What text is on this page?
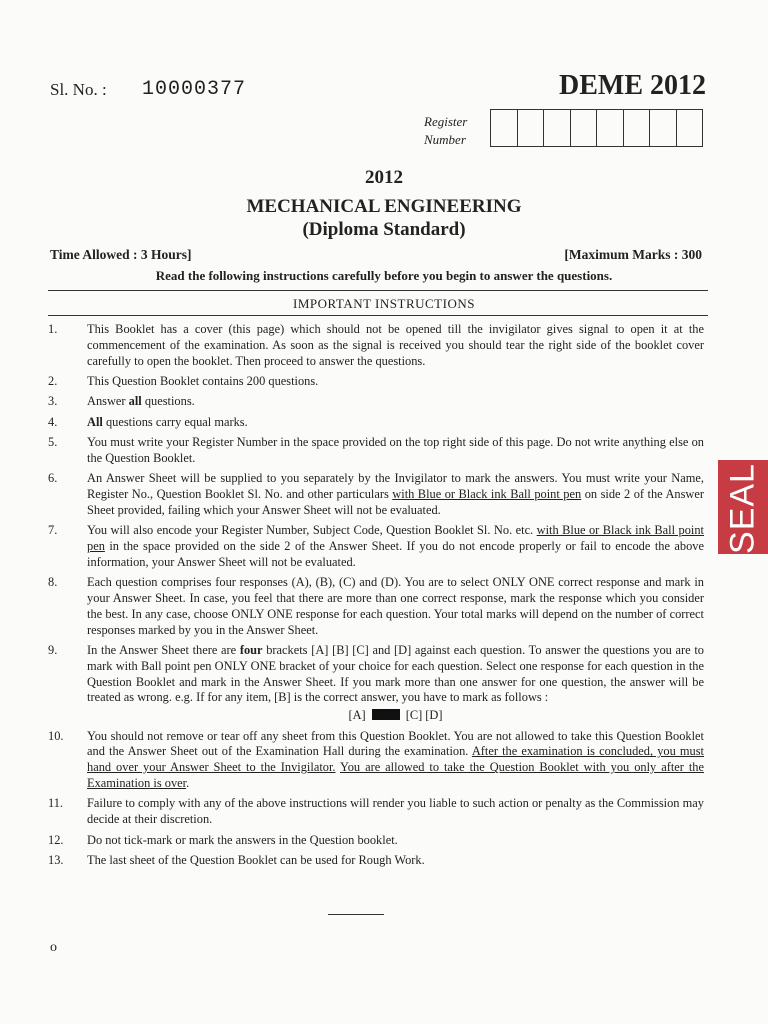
Sl. No. : 10000377	DEME 2012
Register
Number
2012
MECHANICAL ENGINEERING
(Diploma Standard)
Time Allowed : 3 Hours]	[Maximum Marks : 300
Read the following instructions carefully before you begin to answer the questions.
IMPORTANT INSTRUCTIONS
1. This Booklet has a cover (this page) which should not be opened till the invigilator gives signal to open it at the commencement of the examination. As soon as the signal is received you should tear the right side of the booklet cover carefully to open the booklet. Then proceed to answer the questions.
2. This Question Booklet contains 200 questions.
3. Answer all questions.
4. All questions carry equal marks.
5. You must write your Register Number in the space provided on the top right side of this page. Do not write anything else on the Question Booklet.
6. An Answer Sheet will be supplied to you separately by the Invigilator to mark the answers. You must write your Name, Register No., Question Booklet Sl. No. and other particulars with Blue or Black ink Ball point pen on side 2 of the Answer Sheet provided, failing which your Answer Sheet will not be evaluated.
7. You will also encode your Register Number, Subject Code, Question Booklet Sl. No. etc. with Blue or Black ink Ball point pen in the space provided on the side 2 of the Answer Sheet. If you do not encode properly or fail to encode the above information, your Answer Sheet will not be evaluated.
8. Each question comprises four responses (A), (B), (C) and (D). You are to select ONLY ONE correct response and mark in your Answer Sheet. In case, you feel that there are more than one correct response, mark the response which you consider the best. In any case, choose ONLY ONE response for each question. Your total marks will depend on the number of correct responses marked by you in the Answer Sheet.
9. In the Answer Sheet there are four brackets [A] [B] [C] and [D] against each question. To answer the questions you are to mark with Ball point pen ONLY ONE bracket of your choice for each question. Select one response for each question in the Question Booklet and mark in the Answer Sheet. If you mark more than one answer for one question, the answer will be treated as wrong. e.g. If for any item, [B] is the correct answer, you have to mark as follows :
[A]	[C] [D]
10. You should not remove or tear off any sheet from this Question Booklet. You are not allowed to take this Question Booklet and the Answer Sheet out of the Examination Hall during the examination. After the examination is concluded, you must hand over your Answer Sheet to the Invigilator. You are allowed to take the Question Booklet with you only after the Examination is over.
11. Failure to comply with any of the above instructions will render you liable to such action or penalty as the Commission may decide at their discretion.
12. Do not tick-mark or mark the answers in the Question booklet.
13. The last sheet of the Question Booklet can be used for Rough Work.
SEAL
o
